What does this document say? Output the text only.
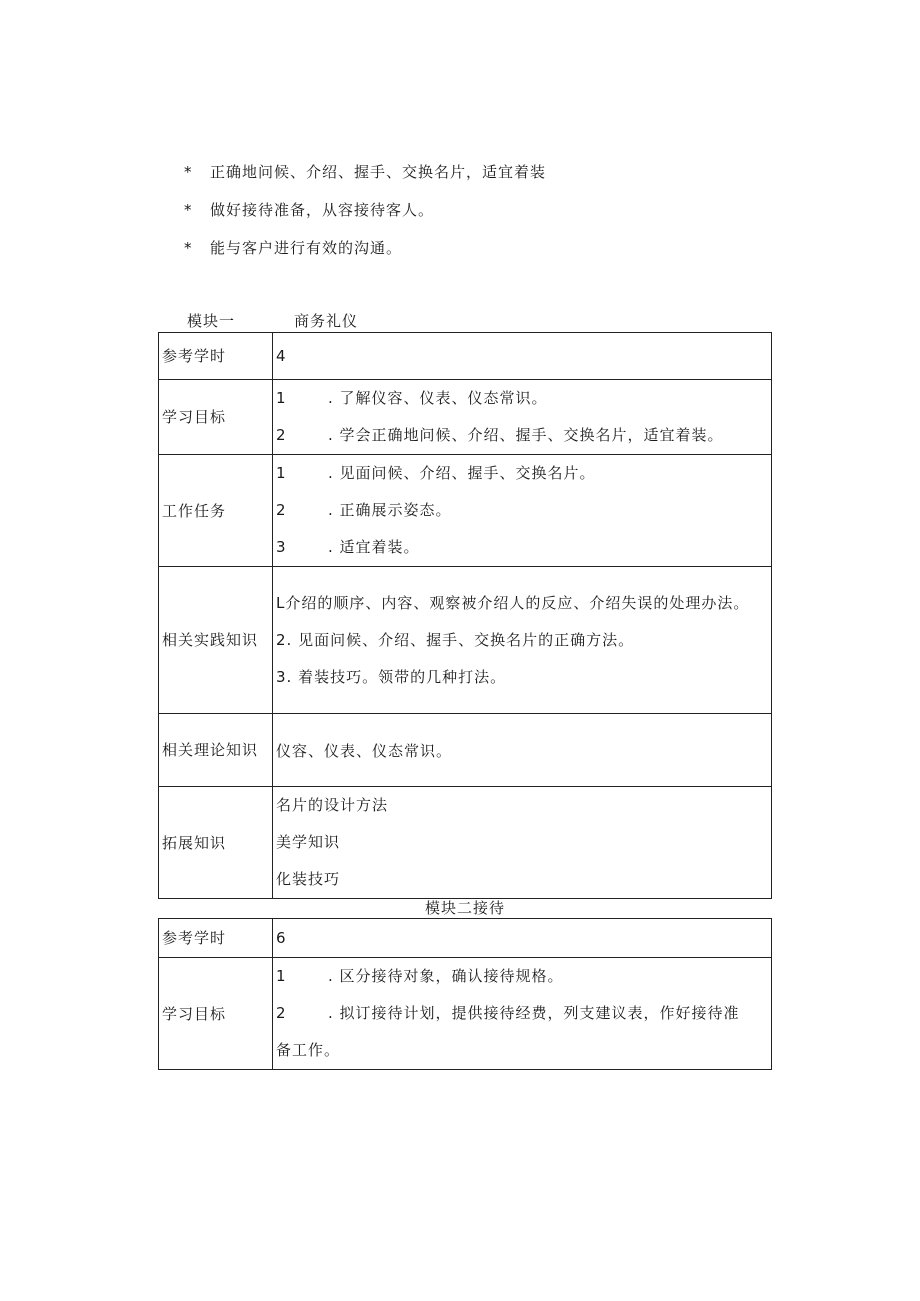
* 正确地问候、介绍、握手、交换名片，适宜着装
* 做好接待准备，从容接待客人。
* 能与客户进行有效的沟通。
模块一	商务礼仪
参考学时	4
学习目标	1 . 了解仪容、仪表、仪态常识。
2 . 学会正确地问候、介绍、握手、交换名片，适宜着装。

工作任务	1 . 见面问候、介绍、握手、交换名片。
2 . 正确展示姿态。
3 . 适宜着装。

相关实践知识	L介绍的顺序、内容、观察被介绍人的反应、介绍失误的处理办法。
2. 见面问候、介绍、握手、交换名片的正确方法。
3. 着装技巧。领带的几种打法。

相关理论知识	仪容、仪表、仪态常识。
拓展知识	名片的设计方法
美学知识
化装技巧
模块二接待
参考学时	6
学习目标	1 . 区分接待对象，确认接待规格。
2 . 拟订接待计划，提供接待经费，列支建议表，作好接待准
备工作。
